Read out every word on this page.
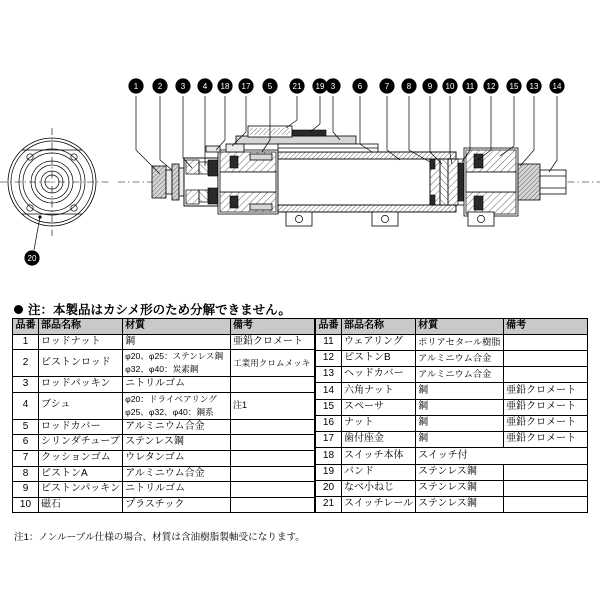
1 2 3 4 18 17 5	21 19 3	6	7 8 9 10 11 12 15 13 14
20
注：本製品はカシメ形のため分解できません。
品番	部品名称	材質	備考
1	ロッドナット	鋼	亜鉛クロメート
2	ピストンロッド	φ20、φ25：ステンレス鋼
φ32、φ40：炭素鋼	工業用クロムメッキ
3	ロッドパッキン	ニトリルゴム	
4	ブシュ	φ20：ドライベアリング
φ25、φ32、φ40：鋼系	注1
5	ロッドカバー	アルミニウム合金	
6	シリンダチューブ	ステンレス鋼	
7	クッションゴム	ウレタンゴム	
8	ピストンA	アルミニウム合金	
9	ピストンパッキン	ニトリルゴム	
10	磁石	プラスチック	
品番	部品名称	材質	備考
11	ウェアリング	ポリアセタール樹脂	
12	ピストンB	アルミニウム合金	
13	ヘッドカバー	アルミニウム合金	
14	六角ナット	鋼	亜鉛クロメート
15	スペーサ	鋼	亜鉛クロメート
16	ナット	鋼	亜鉛クロメート
17	歯付座金	鋼	亜鉛クロメート
18	スイッチ本体	スイッチ付	
19	バンド	ステンレス鋼	
20	なべ小ねじ	ステンレス鋼	
21	スイッチレール	ステンレス鋼	
注1：ノンルーブル仕様の場合、材質は含油樹脂製軸受になります。
